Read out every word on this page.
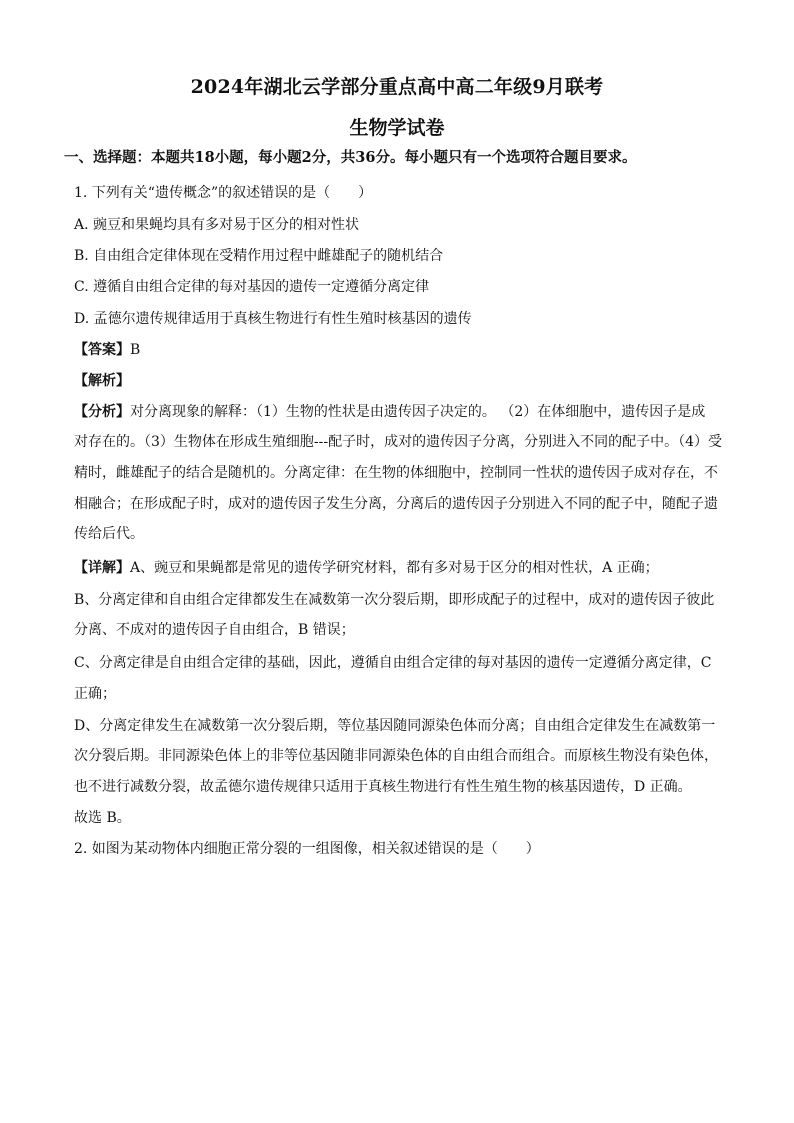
2024年湖北云学部分重点高中高二年级9月联考
生物学试卷
一、选择题：本题共18小题，每小题2分，共36分。每小题只有一个选项符合题目要求。
1. 下列有关“遗传概念”的叙述错误的是（　　）
A. 豌豆和果蝇均具有多对易于区分的相对性状
B. 自由组合定律体现在受精作用过程中雌雄配子的随机结合
C. 遵循自由组合定律的每对基因的遗传一定遵循分离定律
D. 孟德尔遗传规律适用于真核生物进行有性生殖时核基因的遗传
【答案】B
【解析】
【分析】对分离现象的解释：（1）生物的性状是由遗传因子决定的。 （2）在体细胞中，遗传因子是成
对存在的。（3）生物体在形成生殖细胞---配子时，成对的遗传因子分离，分别进入不同的配子中。（4）受
精时，雌雄配子的结合是随机的。分离定律：在生物的体细胞中，控制同一性状的遗传因子成对存在，不
相融合；在形成配子时，成对的遗传因子发生分离，分离后的遗传因子分别进入不同的配子中，随配子遗
传给后代。
【详解】A、豌豆和果蝇都是常见的遗传学研究材料，都有多对易于区分的相对性状，A 正确；
B、分离定律和自由组合定律都发生在减数第一次分裂后期，即形成配子的过程中，成对的遗传因子彼此
分离、不成对的遗传因子自由组合，B 错误；
C、分离定律是自由组合定律的基础，因此，遵循自由组合定律的每对基因的遗传一定遵循分离定律，C
正确；
D、分离定律发生在减数第一次分裂后期，等位基因随同源染色体而分离；自由组合定律发生在减数第一
次分裂后期。非同源染色体上的非等位基因随非同源染色体的自由组合而组合。而原核生物没有染色体，
也不进行减数分裂，故孟德尔遗传规律只适用于真核生物进行有性生殖生物的核基因遗传，D 正确。
故选 B。
2. 如图为某动物体内细胞正常分裂的一组图像，相关叙述错误的是（　　）
